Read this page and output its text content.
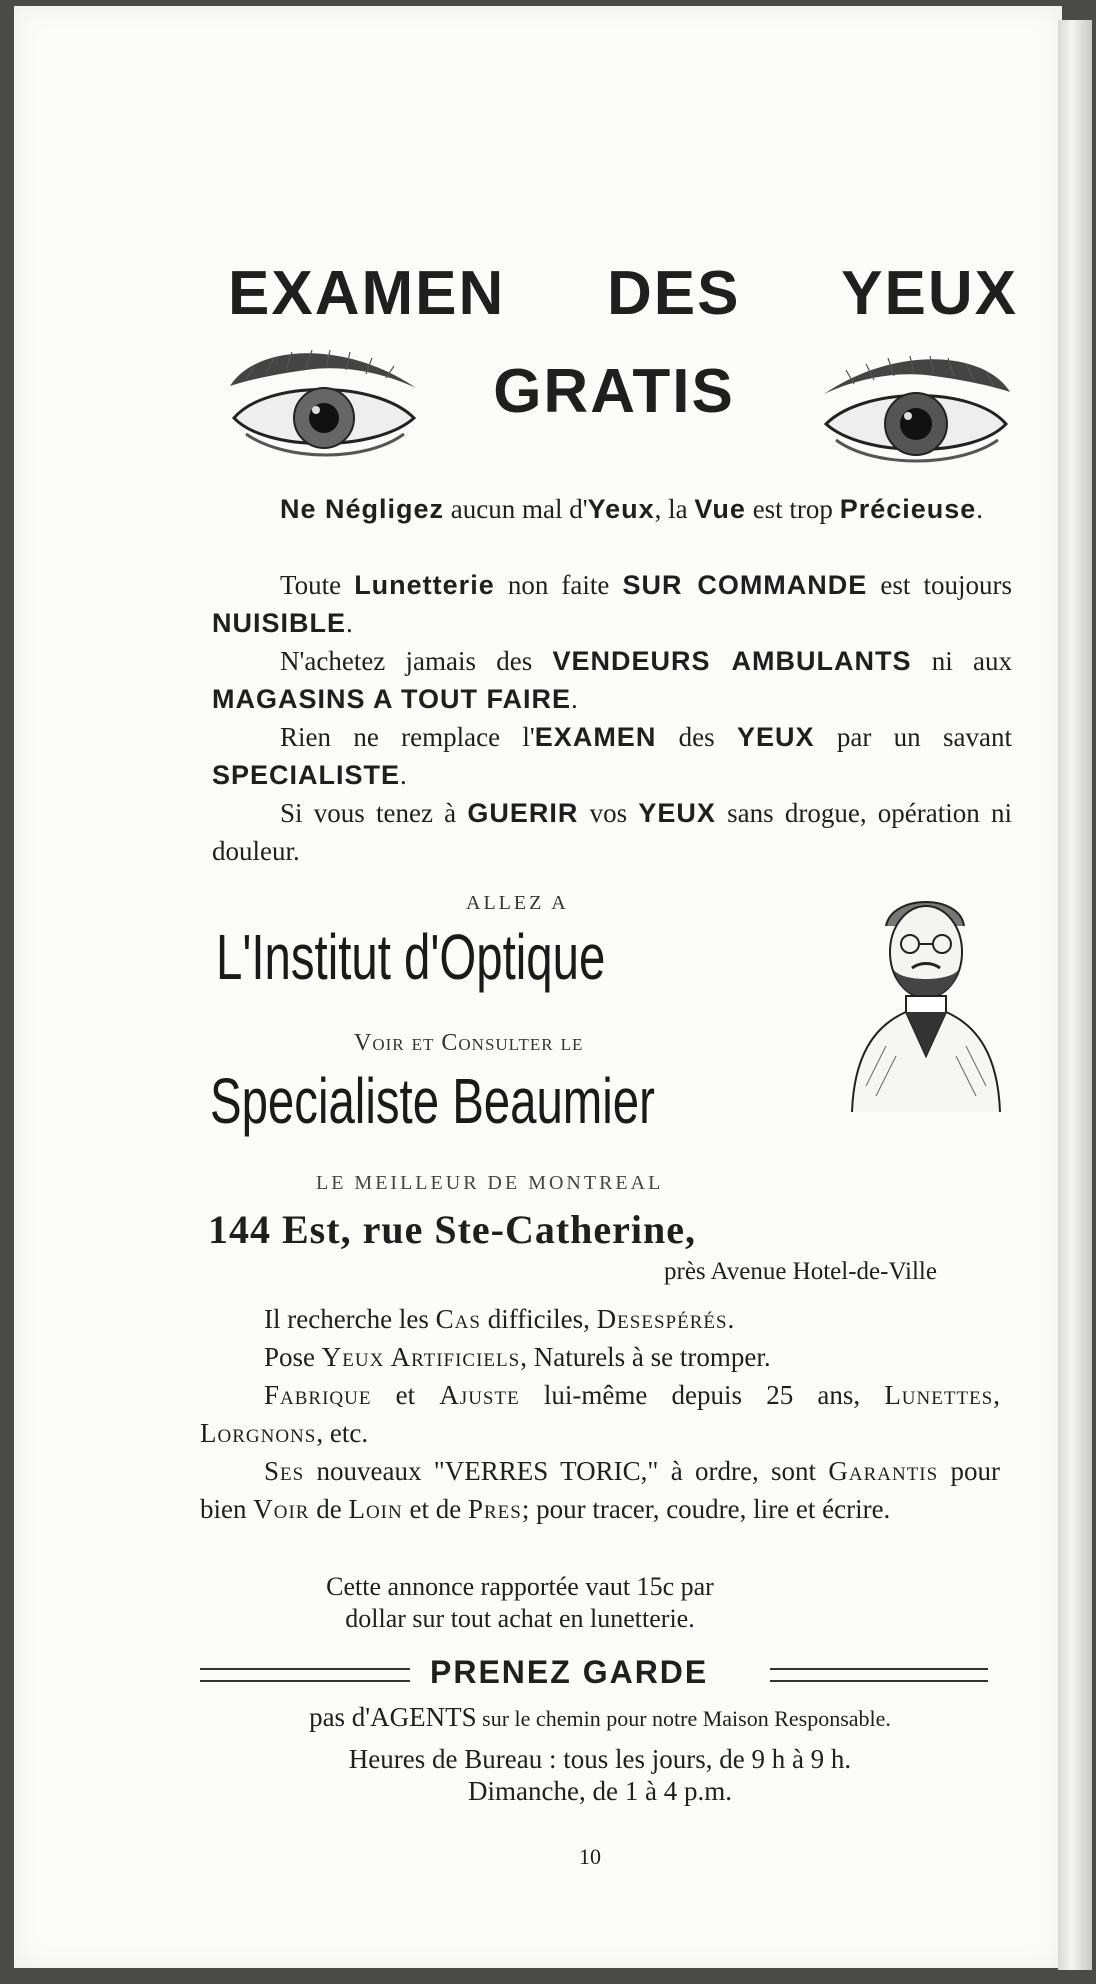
EXAMEN DES YEUX
GRATIS
Ne Négligez aucun mal d'Yeux, la Vue est trop Précieuse.
Toute Lunetterie non faite SUR COMMANDE est toujours NUISIBLE.
N'achetez jamais des VENDEURS AMBULANTS ni aux MAGASINS A TOUT FAIRE.
Rien ne remplace l'EXAMEN des YEUX par un savant SPECIALISTE.
Si vous tenez à GUERIR vos YEUX sans drogue, opération ni douleur.
ALLEZ A
L'Institut d'Optique
Voir et Consulter le
Specialiste Beaumier
LE MEILLEUR DE MONTREAL
144 Est, rue Ste-Catherine,
près Avenue Hotel-de-Ville
Il recherche les Cas difficiles, Desespérés.
Pose Yeux Artificiels, Naturels à se tromper.
Fabrique et Ajuste lui-même depuis 25 ans, Lunettes, Lorgnons, etc.
Ses nouveaux "VERRES TORIC," à ordre, sont Garantis pour bien Voir de Loin et de Pres; pour tracer, coudre, lire et écrire.
Cette annonce rapportée vaut 15c par
dollar sur tout achat en lunetterie.
PRENEZ GARDE
pas d'AGENTS sur le chemin pour notre Maison Responsable.
Heures de Bureau : tous les jours, de 9 h à 9 h.
Dimanche, de 1 à 4 p.m.
10
